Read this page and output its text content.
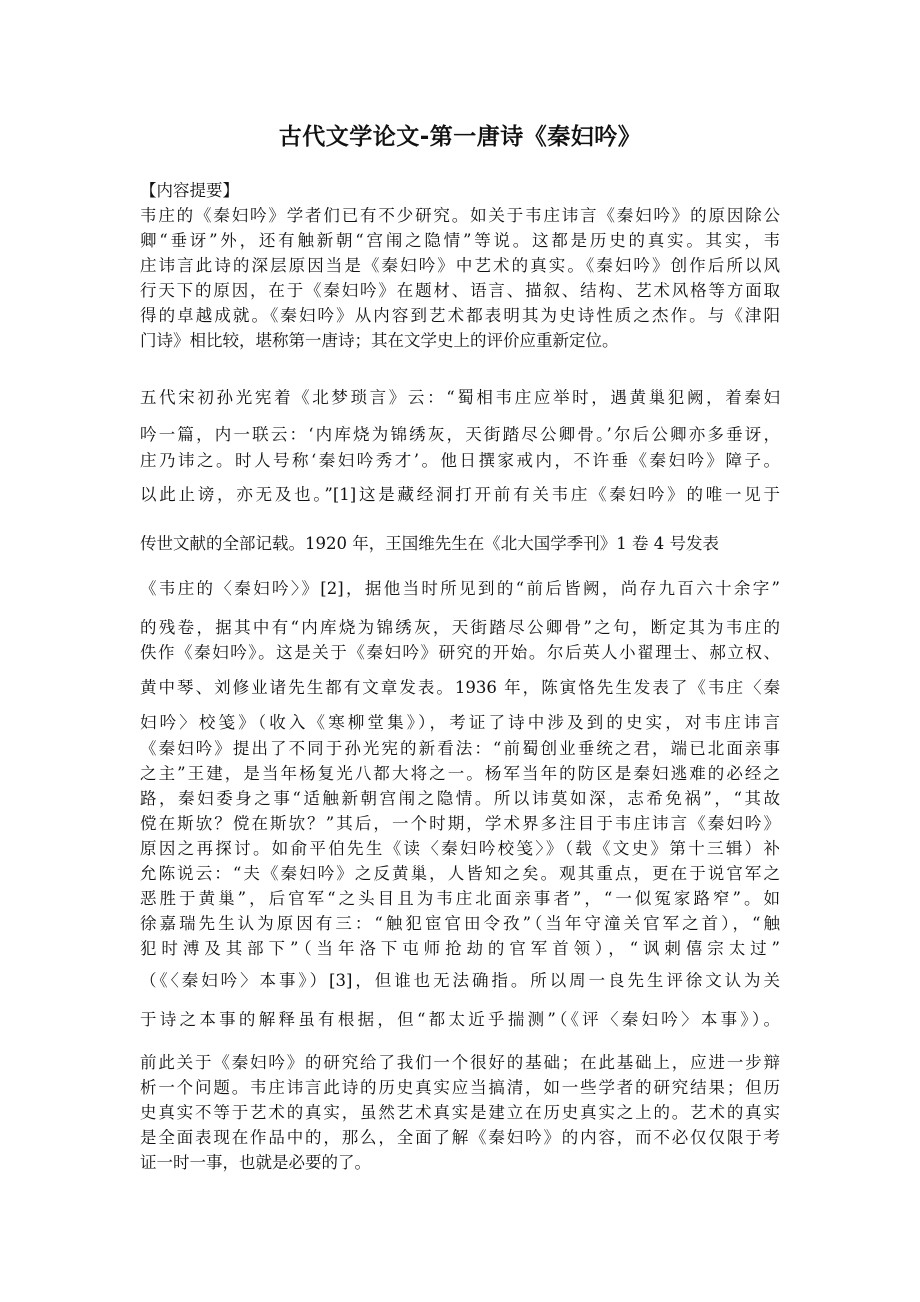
古代文学论文-第一唐诗《秦妇吟》
【内容提要】
韦庄的《秦妇吟》学者们已有不少研究。如关于韦庄讳言《秦妇吟》的原因除公
卿“垂讶”外，还有触新朝“宫闱之隐情”等说。这都是历史的真实。其实，韦
庄讳言此诗的深层原因当是《秦妇吟》中艺术的真实。《秦妇吟》创作后所以风
行天下的原因，在于《秦妇吟》在题材、语言、描叙、结构、艺术风格等方面取
得的卓越成就。《秦妇吟》从内容到艺术都表明其为史诗性质之杰作。与《津阳
门诗》相比较，堪称第一唐诗；其在文学史上的评价应重新定位。
五代宋初孙光宪着《北梦琐言》云：“蜀相韦庄应举时，遇黄巢犯阙，着秦妇
吟一篇，内一联云：‘内库烧为锦绣灰，天街踏尽公卿骨。’尔后公卿亦多垂讶，
庄乃讳之。时人号称‘秦妇吟秀才’。他日撰家戒内，不许垂《秦妇吟》障子。
以此止谤，亦无及也。”[1]这是藏经洞打开前有关韦庄《秦妇吟》的唯一见于
传世文献的全部记载。1920 年，王国维先生在《北大国学季刊》1 卷 4 号发表
《韦庄的〈秦妇吟〉》[2]，据他当时所见到的“前后皆阙，尚存九百六十余字”
的残卷，据其中有“内库烧为锦绣灰，天街踏尽公卿骨”之句，断定其为韦庄的
佚作《秦妇吟》。这是关于《秦妇吟》研究的开始。尔后英人小翟理士、郝立权、
黄中琴、刘修业诸先生都有文章发表。1936 年，陈寅恪先生发表了《韦庄〈秦
妇吟〉校笺》（收入《寒柳堂集》），考证了诗中涉及到的史实，对韦庄讳言
《秦妇吟》提出了不同于孙光宪的新看法：“前蜀创业垂统之君，端已北面亲事
之主”王建，是当年杨复光八都大将之一。杨军当年的防区是秦妇逃难的必经之
路，秦妇委身之事“适触新朝宫闱之隐情。所以讳莫如深，志希免祸”，“其故
傥在斯欤？傥在斯欤？”其后，一个时期，学术界多注目于韦庄讳言《秦妇吟》
原因之再探讨。如俞平伯先生《读〈秦妇吟校笺〉》（载《文史》第十三辑）补
允陈说云：“夫《秦妇吟》之反黄巢，人皆知之矣。观其重点，更在于说官军之
恶胜于黄巢”，后官军“之头目且为韦庄北面亲事者”，“一似冤家路窄”。如
徐嘉瑞先生认为原因有三：“触犯宦官田令孜”（当年守潼关官军之首），“触
犯时溥及其部下”（当年洛下屯师抢劫的官军首领），“讽刺僖宗太过”
（《〈秦妇吟〉本事》）[3]，但谁也无法确指。所以周一良先生评徐文认为关
于诗之本事的解释虽有根据，但“都太近乎揣测”（《评〈秦妇吟〉本事》）。
前此关于《秦妇吟》的研究给了我们一个很好的基础；在此基础上，应进一步辩
析一个问题。韦庄讳言此诗的历史真实应当搞清，如一些学者的研究结果；但历
史真实不等于艺术的真实，虽然艺术真实是建立在历史真实之上的。艺术的真实
是全面表现在作品中的，那么，全面了解《秦妇吟》的内容，而不必仅仅限于考
证一时一事，也就是必要的了。
